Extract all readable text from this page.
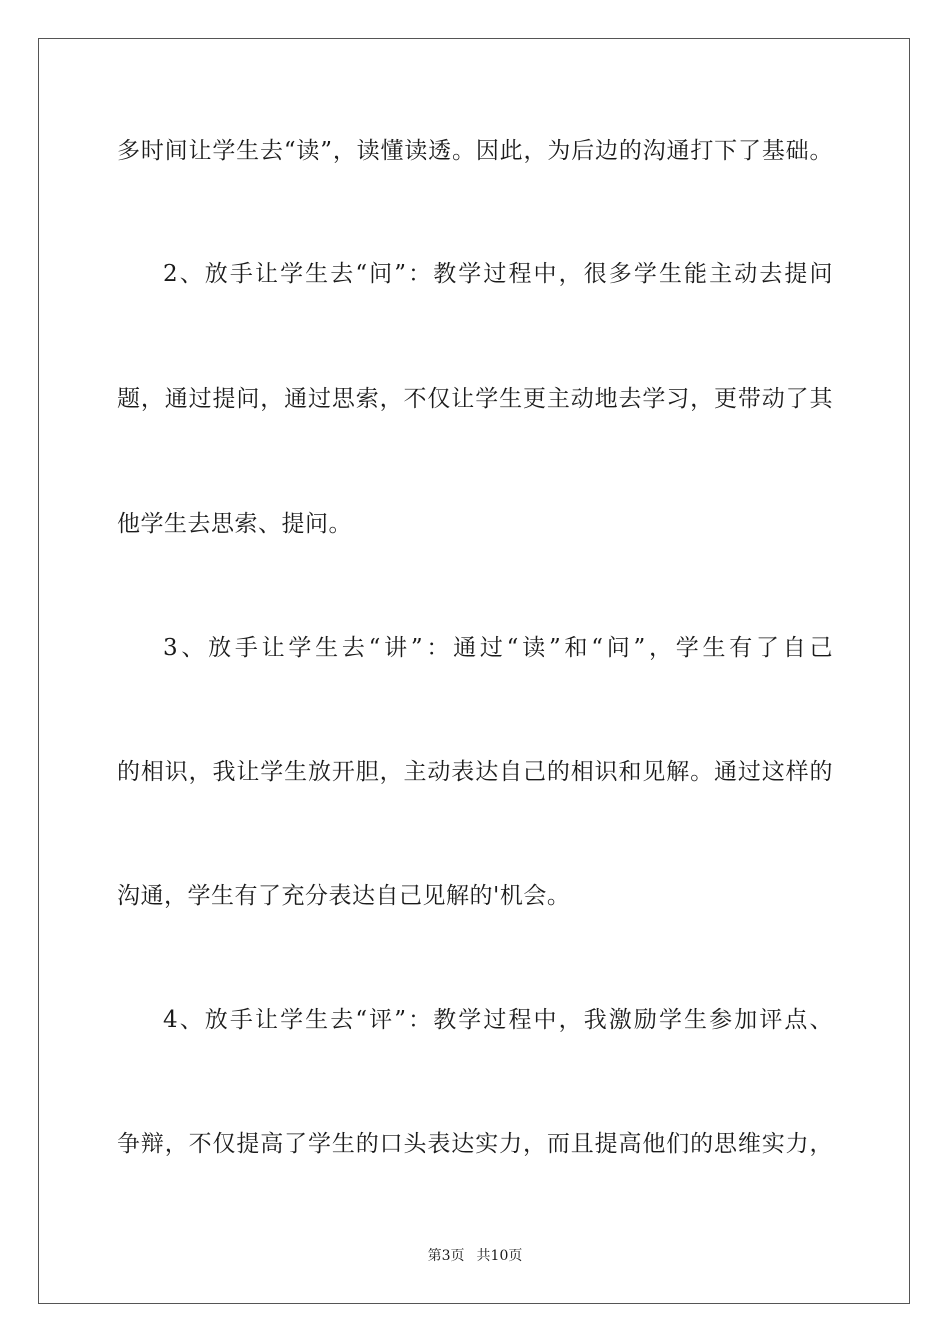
多时间让学生去“读”，读懂读透。因此，为后边的沟通打下了基础。
2、放手让学生去“问”：教学过程中，很多学生能主动去提问
题，通过提问，通过思索，不仅让学生更主动地去学习，更带动了其
他学生去思索、提问。
3、放手让学生去“讲”：通过“读”和“问”，学生有了自己
的相识，我让学生放开胆，主动表达自己的相识和见解。通过这样的
沟通，学生有了充分表达自己见解的'机会。
4、放手让学生去“评”：教学过程中，我激励学生参加评点、
争辩，不仅提高了学生的口头表达实力，而且提高他们的思维实力，
第3页 共10页
